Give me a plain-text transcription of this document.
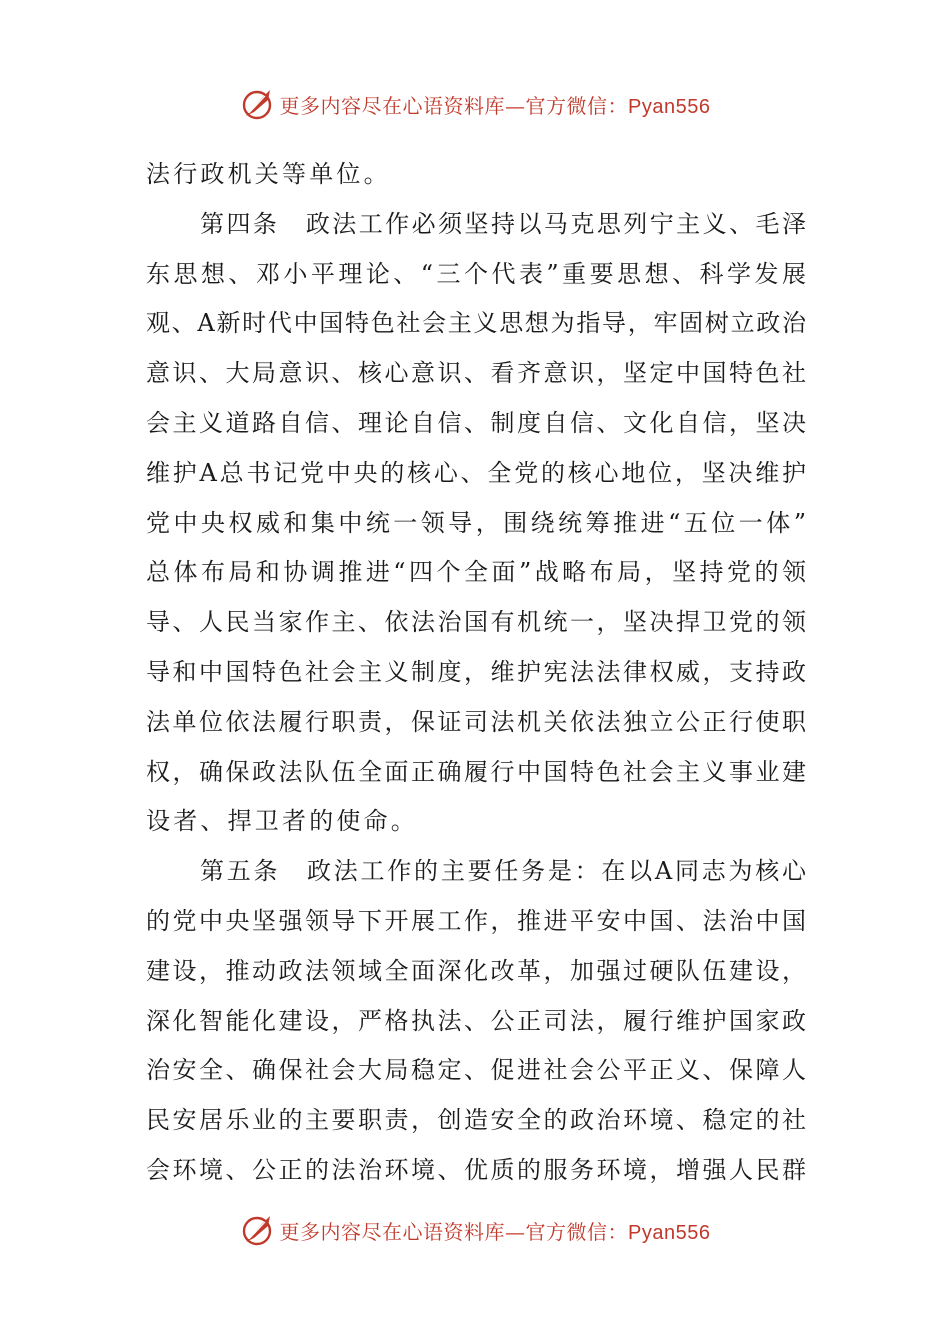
更多内容尽在心语资料库—官方微信：Pyan556
法行政机关等单位。
第四条　政法工作必须坚持以马克思列宁主义、毛泽
东思想、邓小平理论、“三个代表”重要思想、科学发展
观、A新时代中国特色社会主义思想为指导，牢固树立政治
意识、大局意识、核心意识、看齐意识，坚定中国特色社
会主义道路自信、理论自信、制度自信、文化自信，坚决
维护A总书记党中央的核心、全党的核心地位，坚决维护
党中央权威和集中统一领导，围绕统筹推进“五位一体”
总体布局和协调推进“四个全面”战略布局，坚持党的领
导、人民当家作主、依法治国有机统一，坚决捍卫党的领
导和中国特色社会主义制度，维护宪法法律权威，支持政
法单位依法履行职责，保证司法机关依法独立公正行使职
权，确保政法队伍全面正确履行中国特色社会主义事业建
设者、捍卫者的使命。
第五条　政法工作的主要任务是：在以A同志为核心
的党中央坚强领导下开展工作，推进平安中国、法治中国
建设，推动政法领域全面深化改革，加强过硬队伍建设，
深化智能化建设，严格执法、公正司法，履行维护国家政
治安全、确保社会大局稳定、促进社会公平正义、保障人
民安居乐业的主要职责，创造安全的政治环境、稳定的社
会环境、公正的法治环境、优质的服务环境，增强人民群
更多内容尽在心语资料库—官方微信：Pyan556
